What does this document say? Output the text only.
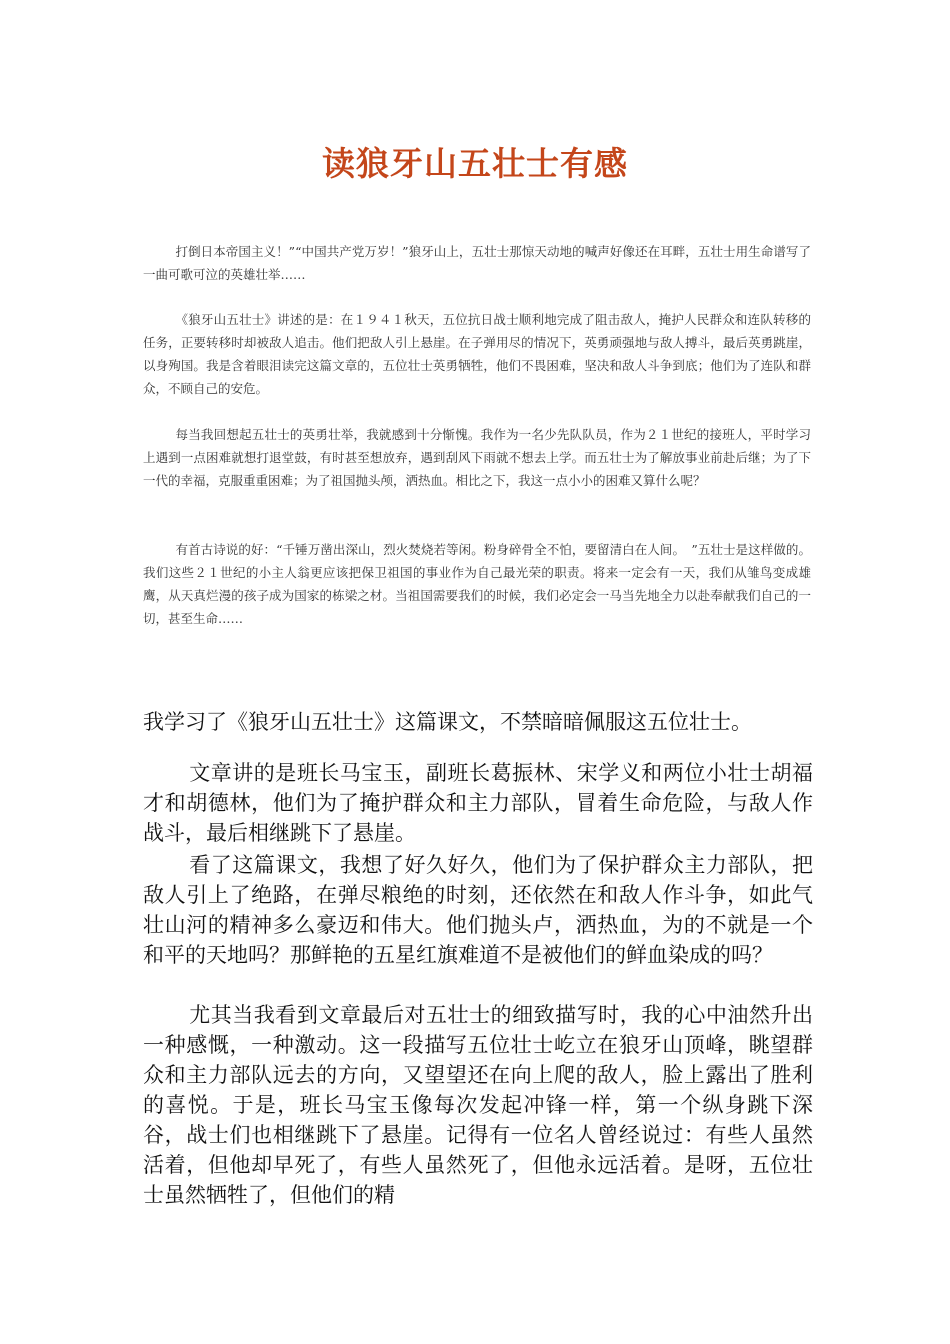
读狼牙山五壮士有感

打倒日本帝国主义！”“中国共产党万岁！”狼牙山上，五壮士那惊天动地的喊声好像还在耳畔，五壮士用生命谱写了一曲可歌可泣的英雄壮举……

《狼牙山五壮士》讲述的是：在１９４１秋天，五位抗日战士顺利地完成了阻击敌人，掩护人民群众和连队转移的任务，正要转移时却被敌人追击。他们把敌人引上悬崖。在子弹用尽的情况下，英勇顽强地与敌人搏斗，最后英勇跳崖，以身殉国。我是含着眼泪读完这篇文章的，五位壮士英勇牺牲，他们不畏困难，坚决和敌人斗争到底；他们为了连队和群众，不顾自己的安危。

每当我回想起五壮士的英勇壮举，我就感到十分惭愧。我作为一名少先队队员，作为２１世纪的接班人，平时学习上遇到一点困难就想打退堂鼓，有时甚至想放弃，遇到刮风下雨就不想去上学。而五壮士为了解放事业前赴后继；为了下一代的幸福，克服重重困难；为了祖国抛头颅，洒热血。相比之下，我这一点小小的困难又算什么呢？

有首古诗说的好：“千锤万凿出深山，烈火焚烧若等闲。粉身碎骨全不怕，要留清白在人间。　”五壮士是这样做的。我们这些２１世纪的小主人翁更应该把保卫祖国的事业作为自己最光荣的职责。将来一定会有一天，我们从雏鸟变成雄鹰，从天真烂漫的孩子成为国家的栋梁之材。当祖国需要我们的时候，我们必定会一马当先地全力以赴奉献我们自己的一切，甚至生命……

我学习了《狼牙山五壮士》这篇课文，不禁暗暗佩服这五位壮士。

文章讲的是班长马宝玉，副班长葛振林、宋学义和两位小壮士胡福才和胡德林，他们为了掩护群众和主力部队，冒着生命危险，与敌人作战斗，最后相继跳下了悬崖。

看了这篇课文，我想了好久好久，他们为了保护群众主力部队，把敌人引上了绝路，在弹尽粮绝的时刻，还依然在和敌人作斗争，如此气壮山河的精神多么豪迈和伟大。他们抛头卢，洒热血，为的不就是一个和平的天地吗？那鲜艳的五星红旗难道不是被他们的鲜血染成的吗？

尤其当我看到文章最后对五壮士的细致描写时，我的心中油然升出一种感慨，一种激动。这一段描写五位壮士屹立在狼牙山顶峰，眺望群众和主力部队远去的方向，又望望还在向上爬的敌人，脸上露出了胜利的喜悦。于是，班长马宝玉像每次发起冲锋一样，第一个纵身跳下深谷，战士们也相继跳下了悬崖。记得有一位名人曾经说过：有些人虽然活着，但他却早死了，有些人虽然死了，但他永远活着。是呀，五位壮士虽然牺牲了，但他们的精
